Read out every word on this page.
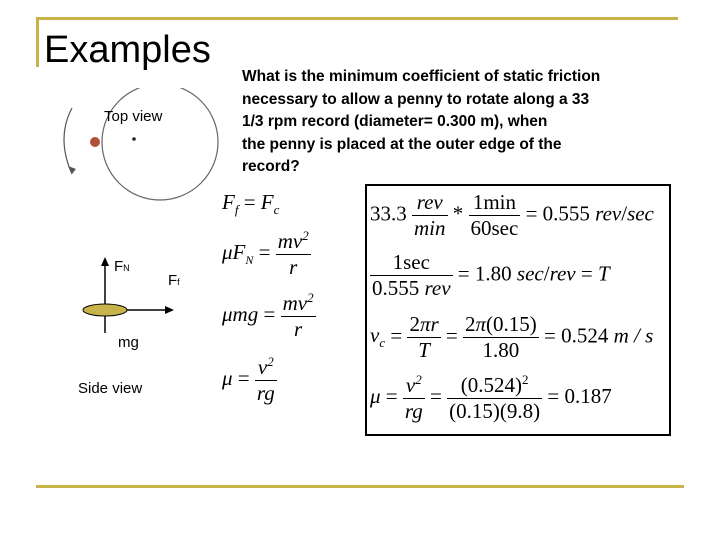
Examples
What is the minimum coefficient of static friction
necessary to allow a penny to rotate along a 33
1/3 rpm record (diameter= 0.300 m), when
the penny is placed at the outer edge of the
record?
Top view
FN
Ff
mg
Side view
$F_f = F_c$
$\mu F_N = \frac{mv^2}{r}$
$\mu mg = \frac{mv^2}{r}$
$\mu = \frac{v^2}{rg}$
$33.3 \frac{\text{rev}}{\min} * \frac{1\min}{60\sec} = 0.555$ rev/sec
$\frac{1\sec}{\text{0.555 rev}} = 1.80$ sec/rev = T
$v_c = \frac{2\pi r}{T} = \frac{2\pi(0.15)}{1.80} = 0.524$ m / s
$\mu = \frac{v^2}{rg} = \frac{(0.524)^2}{(0.15)(9.8)} = 0.187$
